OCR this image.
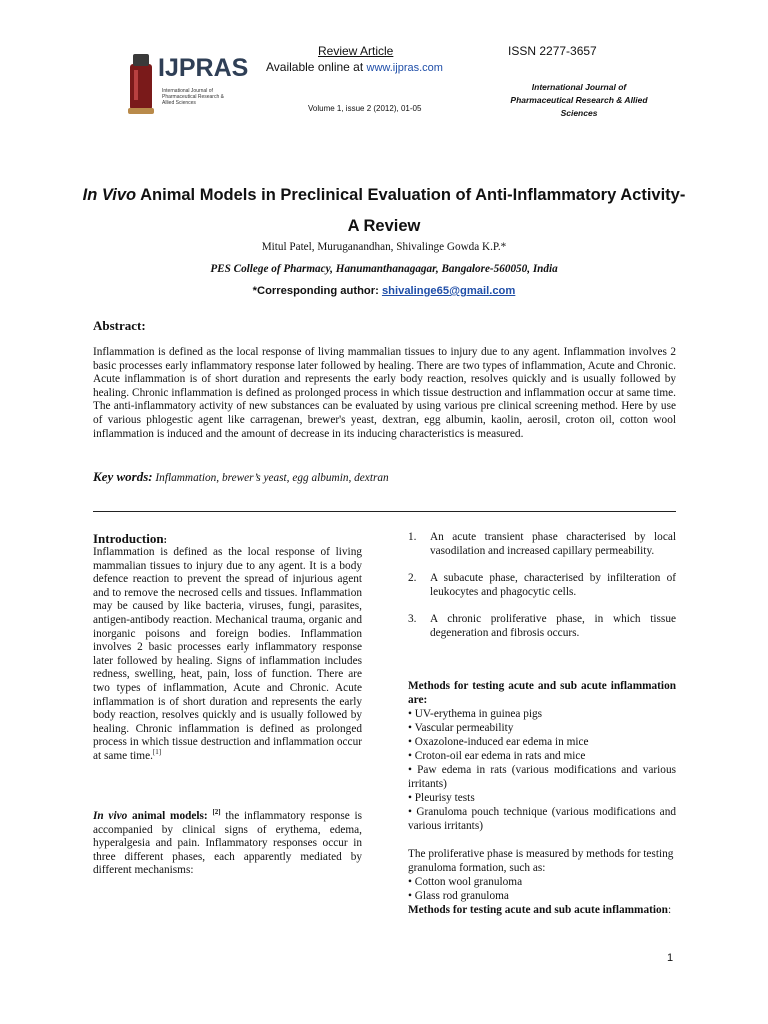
IJPRAS
International Journal of Pharmaceutical Research & Allied Sciences
Review Article
Available online at www.ijpras.com
ISSN 2277-3657
Volume 1, issue 2 (2012), 01-05
International Journal of Pharmaceutical Research & Allied Sciences
In Vivo Animal Models in Preclinical Evaluation of Anti-Inflammatory Activity- A Review
Mitul Patel, Muruganandhan, Shivalinge Gowda K.P.*
PES College of Pharmacy, Hanumanthanagagar, Bangalore-560050, India
*Corresponding author: shivalinge65@gmail.com
Abstract:
Inflammation is defined as the local response of living mammalian tissues to injury due to any agent. Inflammation involves 2 basic processes early inflammatory response later followed by healing. There are two types of inflammation, Acute and Chronic. Acute inflammation is of short duration and represents the early body reaction, resolves quickly and is usually followed by healing. Chronic inflammation is defined as prolonged process in which tissue destruction and inflammation occur at same time. The anti-inflammatory activity of new substances can be evaluated by using various pre clinical screening method. Here by use of various phlogestic agent like carragenan, brewer's yeast, dextran, egg albumin, kaolin, aerosil, croton oil, cotton wool inflammation is induced and the amount of decrease in its inducing characteristics is measured.
Key words: Inflammation, brewer’s yeast, egg albumin, dextran
Introduction:
Inflammation is defined as the local response of living mammalian tissues to injury due to any agent. It is a body defence reaction to prevent the spread of injurious agent and to remove the necrosed cells and tissues. Inflammation may be caused by like bacteria, viruses, fungi, parasites, antigen-antibody reaction. Mechanical trauma, organic and inorganic poisons and foreign bodies. Inflammation involves 2 basic processes early inflammatory response later followed by healing. Signs of inflammation includes redness, swelling, heat, pain, loss of function. There are two types of inflammation, Acute and Chronic. Acute inflammation is of short duration and represents the early body reaction, resolves quickly and is usually followed by healing. Chronic inflammation is defined as prolonged process in which tissue destruction and inflammation occur at same time.[1]
In vivo animal models: [2] the inflammatory response is accompanied by clinical signs of erythema, edema, hyperalgesia and pain. Inflammatory responses occur in three different phases, each apparently mediated by different mechanisms:
1. An acute transient phase characterised by local vasodilation and increased capillary permeability.
2. A subacute phase, characterised by infilteration of leukocytes and phagocytic cells.
3. A chronic proliferative phase, in which tissue degeneration and fibrosis occurs.
Methods for testing acute and sub acute inflammation are:
• UV-erythema in guinea pigs
• Vascular permeability
• Oxazolone-induced ear edema in mice
• Croton-oil ear edema in rats and mice
• Paw edema in rats (various modifications and various irritants)
• Pleurisy tests
• Granuloma pouch technique (various modifications and various irritants)
The proliferative phase is measured by methods for testing granuloma formation, such as:
• Cotton wool granuloma
• Glass rod granuloma
Methods for testing acute and sub acute inflammation:
1
